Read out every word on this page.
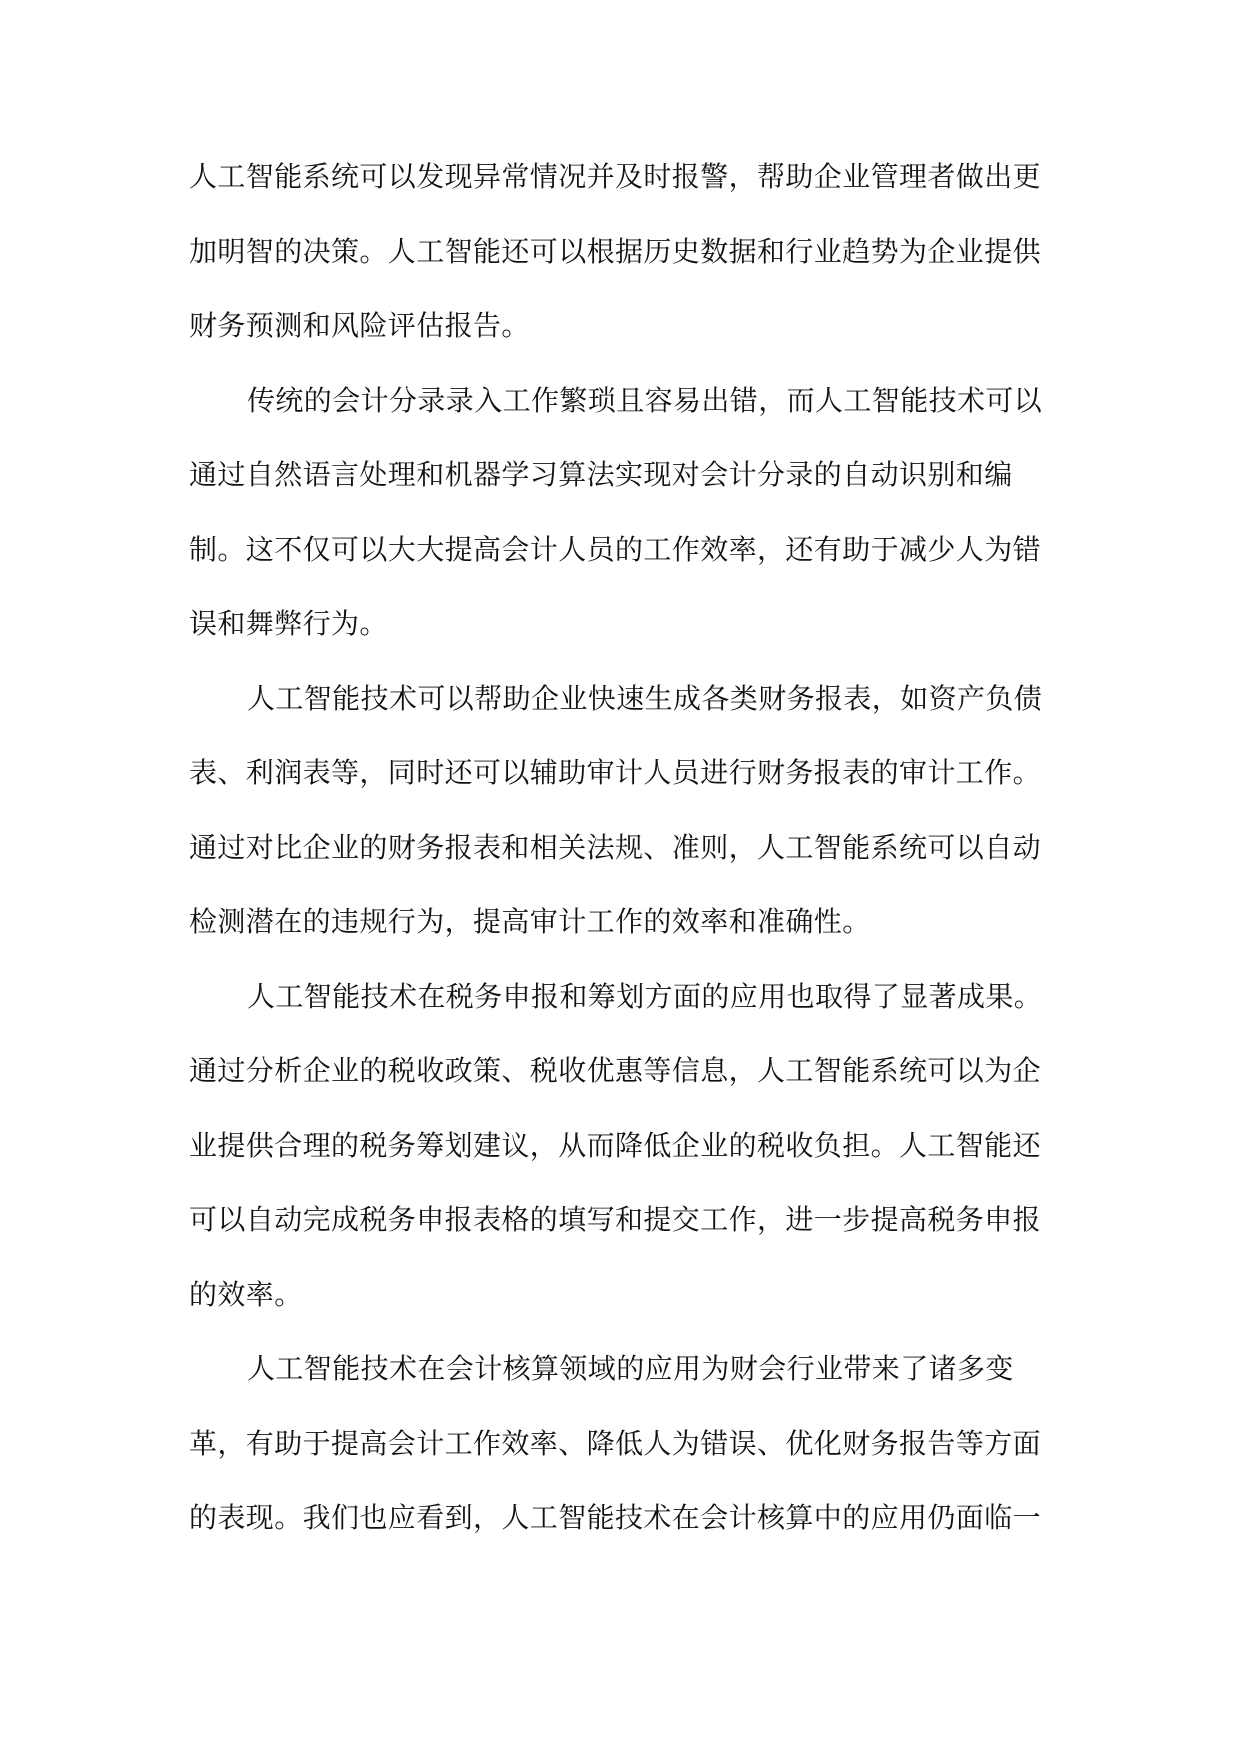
人工智能系统可以发现异常情况并及时报警，帮助企业管理者做出更
加明智的决策。人工智能还可以根据历史数据和行业趋势为企业提供
财务预测和风险评估报告。
传统的会计分录录入工作繁琐且容易出错，而人工智能技术可以
通过自然语言处理和机器学习算法实现对会计分录的自动识别和编
制。这不仅可以大大提高会计人员的工作效率，还有助于减少人为错
误和舞弊行为。
人工智能技术可以帮助企业快速生成各类财务报表，如资产负债
表、利润表等，同时还可以辅助审计人员进行财务报表的审计工作。
通过对比企业的财务报表和相关法规、准则，人工智能系统可以自动
检测潜在的违规行为，提高审计工作的效率和准确性。
人工智能技术在税务申报和筹划方面的应用也取得了显著成果。
通过分析企业的税收政策、税收优惠等信息，人工智能系统可以为企
业提供合理的税务筹划建议，从而降低企业的税收负担。人工智能还
可以自动完成税务申报表格的填写和提交工作，进一步提高税务申报
的效率。
人工智能技术在会计核算领域的应用为财会行业带来了诸多变
革，有助于提高会计工作效率、降低人为错误、优化财务报告等方面
的表现。我们也应看到，人工智能技术在会计核算中的应用仍面临一
